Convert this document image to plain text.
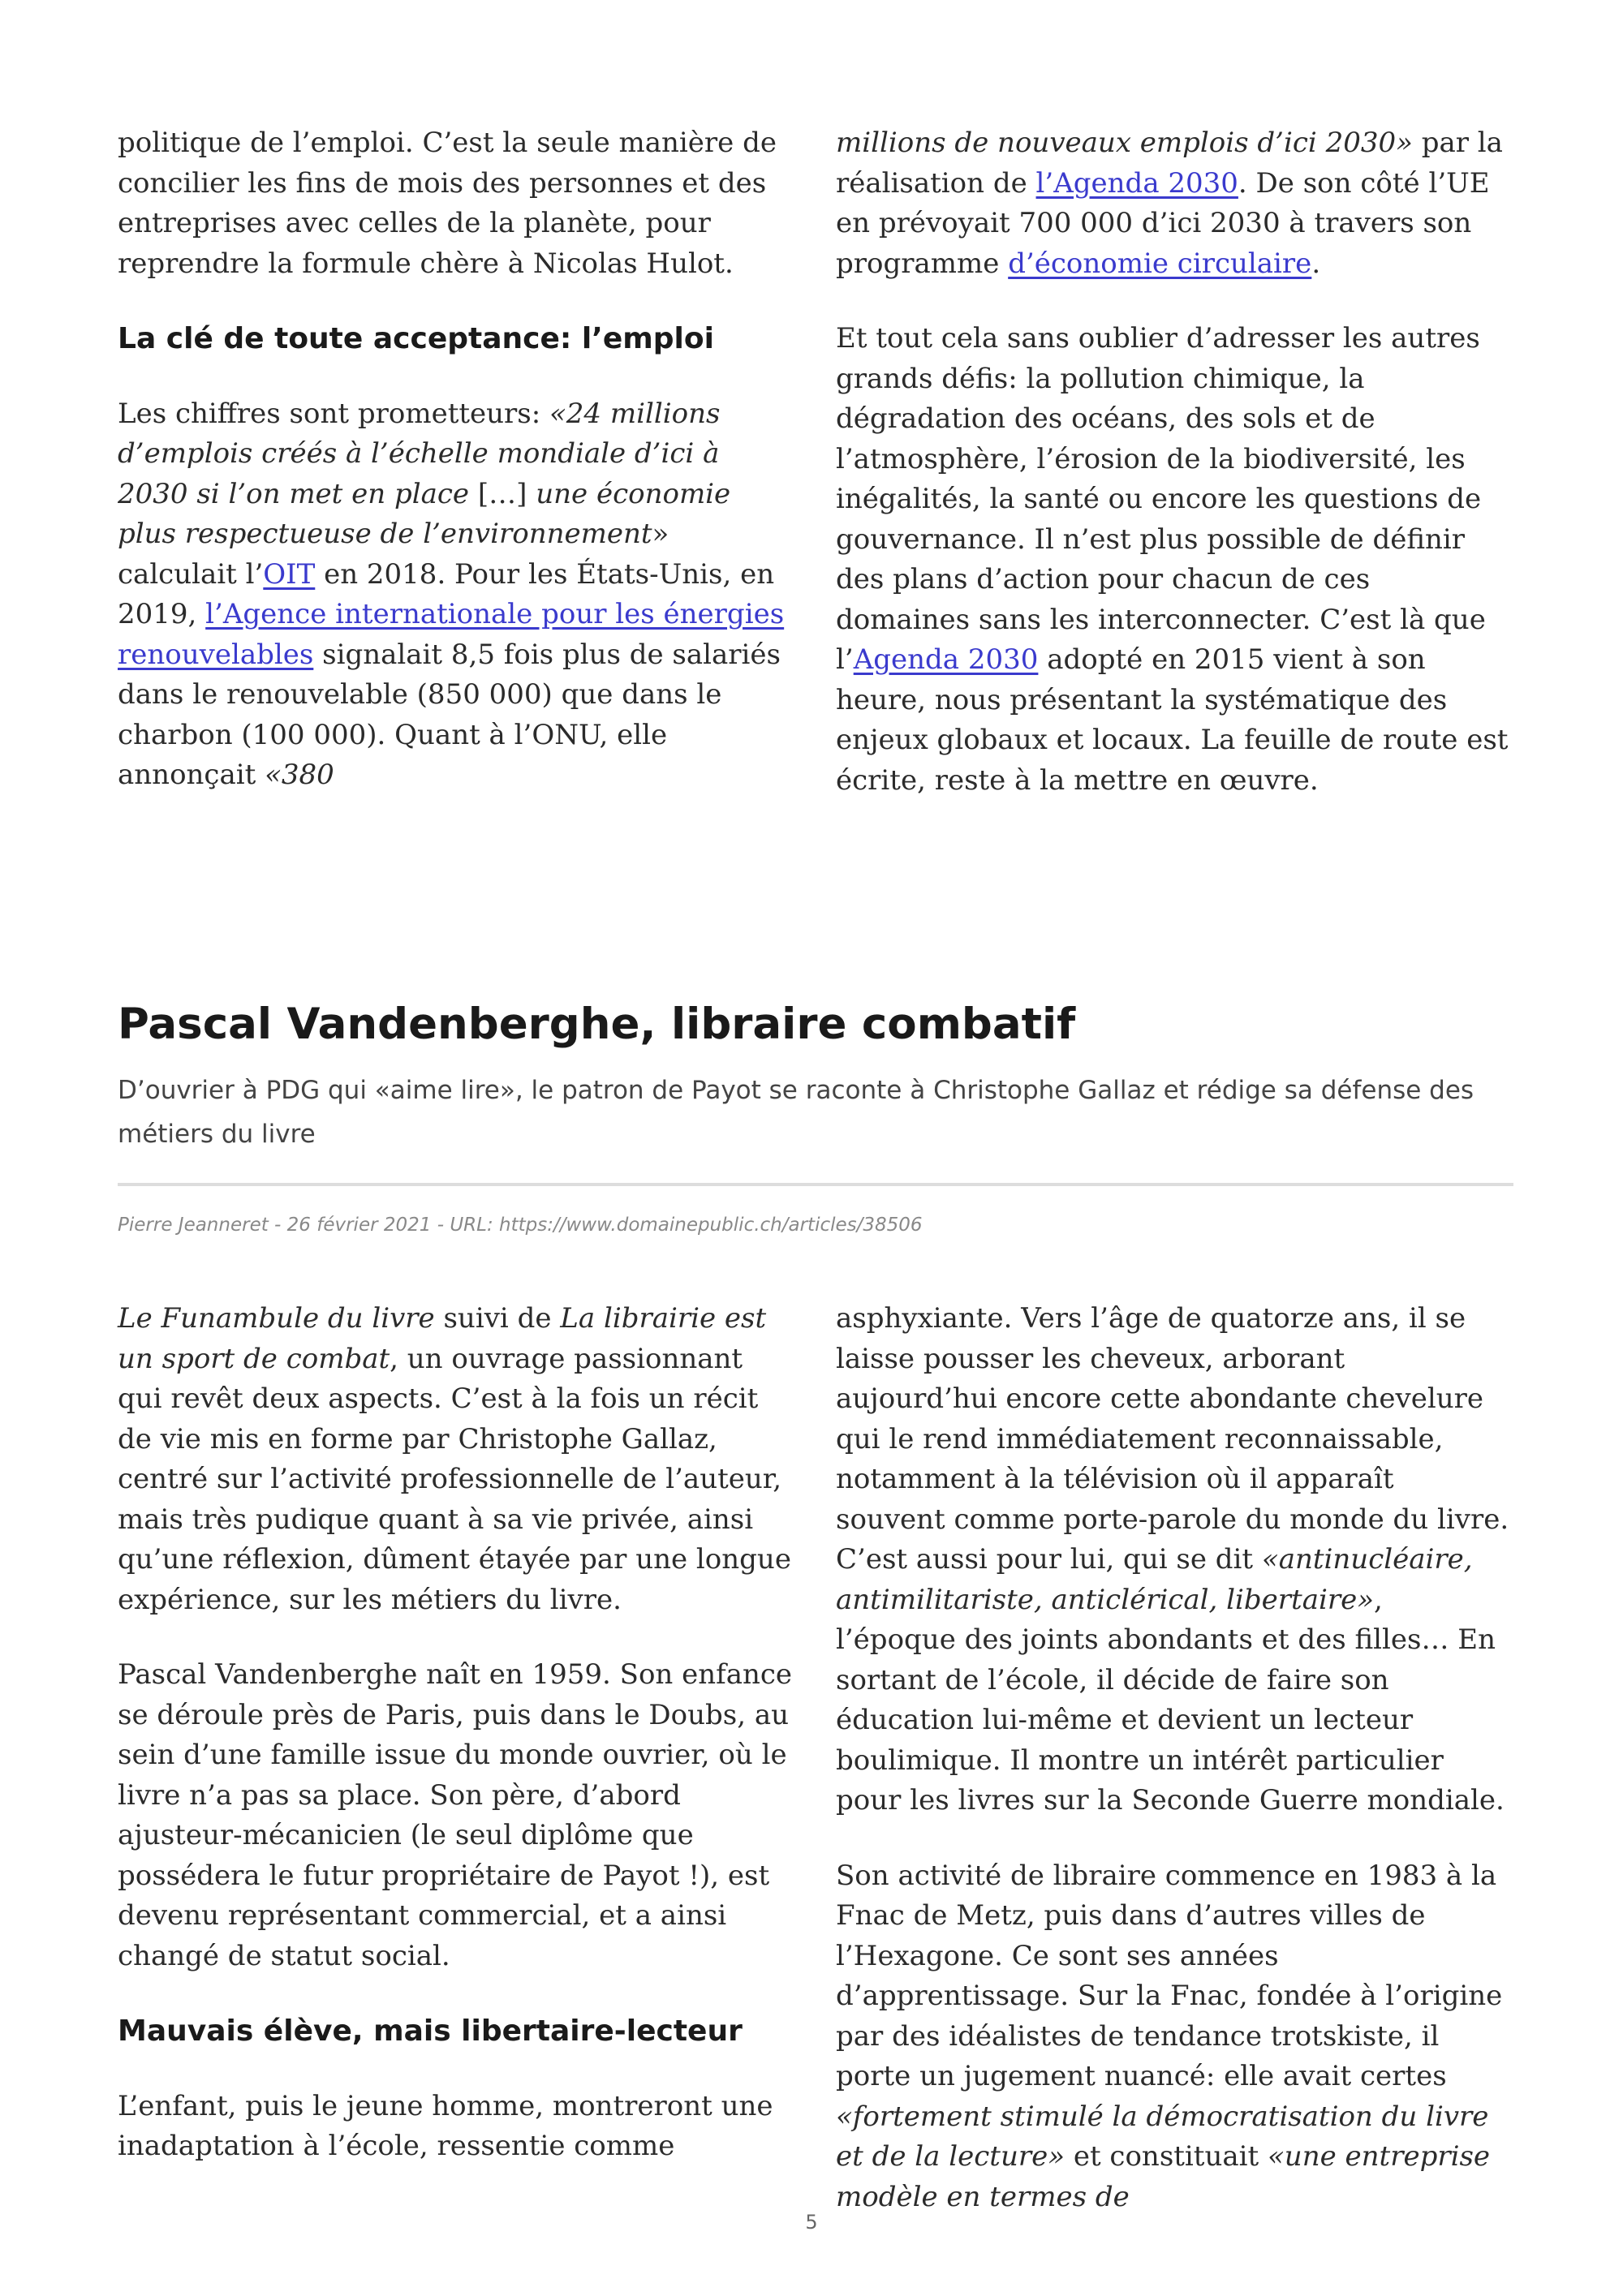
politique de l’emploi. C’est la seule manière de concilier les fins de mois des personnes et des entreprises avec celles de la planète, pour reprendre la formule chère à Nicolas Hulot.

La clé de toute acceptance: l’emploi

Les chiffres sont prometteurs: «24 millions d’emplois créés à l’échelle mondiale d’ici à 2030 si l’on met en place […] une économie plus respectueuse de l’environnement» calculait l’OIT en 2018. Pour les États-Unis, en 2019, l’Agence internationale pour les énergies renouvelables signalait 8,5 fois plus de salariés dans le renouvelable (850 000) que dans le charbon (100 000). Quant à l’ONU, elle annonçait «380

millions de nouveaux emplois d’ici 2030» par la réalisation de l’Agenda 2030. De son côté l’UE en prévoyait 700 000 d’ici 2030 à travers son programme d’économie circulaire.

Et tout cela sans oublier d’adresser les autres grands défis: la pollution chimique, la dégradation des océans, des sols et de l’atmosphère, l’érosion de la biodiversité, les inégalités, la santé ou encore les questions de gouvernance. Il n’est plus possible de définir des plans d’action pour chacun de ces domaines sans les interconnecter. C’est là que l’Agenda 2030 adopté en 2015 vient à son heure, nous présentant la systématique des enjeux globaux et locaux. La feuille de route est écrite, reste à la mettre en œuvre.

Pascal Vandenberghe, libraire combatif

D’ouvrier à PDG qui «aime lire», le patron de Payot se raconte à Christophe Gallaz et rédige sa défense des métiers du livre

Pierre Jeanneret - 26 février 2021 - URL: https://www.domainepublic.ch/articles/38506

Le Funambule du livre suivi de La librairie est un sport de combat, un ouvrage passionnant qui revêt deux aspects. C’est à la fois un récit de vie mis en forme par Christophe Gallaz, centré sur l’activité professionnelle de l’auteur, mais très pudique quant à sa vie privée, ainsi qu’une réflexion, dûment étayée par une longue expérience, sur les métiers du livre.

Pascal Vandenberghe naît en 1959. Son enfance se déroule près de Paris, puis dans le Doubs, au sein d’une famille issue du monde ouvrier, où le livre n’a pas sa place. Son père, d’abord ajusteur-mécanicien (le seul diplôme que possédera le futur propriétaire de Payot !), est devenu représentant commercial, et a ainsi changé de statut social.

Mauvais élève, mais libertaire-lecteur

L’enfant, puis le jeune homme, montreront une inadaptation à l’école, ressentie comme

asphyxiante. Vers l’âge de quatorze ans, il se laisse pousser les cheveux, arborant aujourd’hui encore cette abondante chevelure qui le rend immédiatement reconnaissable, notamment à la télévision où il apparaît souvent comme porte-parole du monde du livre. C’est aussi pour lui, qui se dit «antinucléaire, antimilitariste, anticlérical, libertaire», l’époque des joints abondants et des filles… En sortant de l’école, il décide de faire son éducation lui-même et devient un lecteur boulimique. Il montre un intérêt particulier pour les livres sur la Seconde Guerre mondiale.

Son activité de libraire commence en 1983 à la Fnac de Metz, puis dans d’autres villes de l’Hexagone. Ce sont ses années d’apprentissage. Sur la Fnac, fondée à l’origine par des idéalistes de tendance trotskiste, il porte un jugement nuancé: elle avait certes «fortement stimulé la démocratisation du livre et de la lecture» et constituait «une entreprise modèle en termes de

5
